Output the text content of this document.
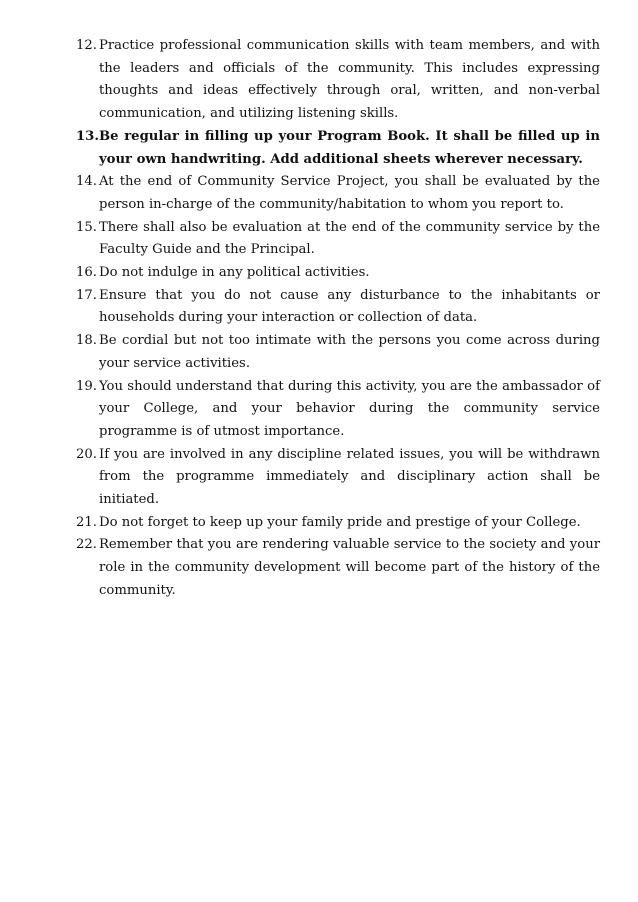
12. Practice professional communication skills with team members, and with the leaders and officials of the community. This includes expressing thoughts and ideas effectively through oral, written, and non-verbal communication, and utilizing listening skills.
13. Be regular in filling up your Program Book. It shall be filled up in your own handwriting. Add additional sheets wherever necessary.
14. At the end of Community Service Project, you shall be evaluated by the person in-charge of the community/habitation to whom you report to.
15. There shall also be evaluation at the end of the community service by the Faculty Guide and the Principal.
16. Do not indulge in any political activities.
17. Ensure that you do not cause any disturbance to the inhabitants or households during your interaction or collection of data.
18. Be cordial but not too intimate with the persons you come across during your service activities.
19. You should understand that during this activity, you are the ambassador of your College, and your behavior during the community service programme is of utmost importance.
20. If you are involved in any discipline related issues, you will be withdrawn from the programme immediately and disciplinary action shall be initiated.
21. Do not forget to keep up your family pride and prestige of your College.
22. Remember that you are rendering valuable service to the society and your role in the community development will become part of the history of the community.
